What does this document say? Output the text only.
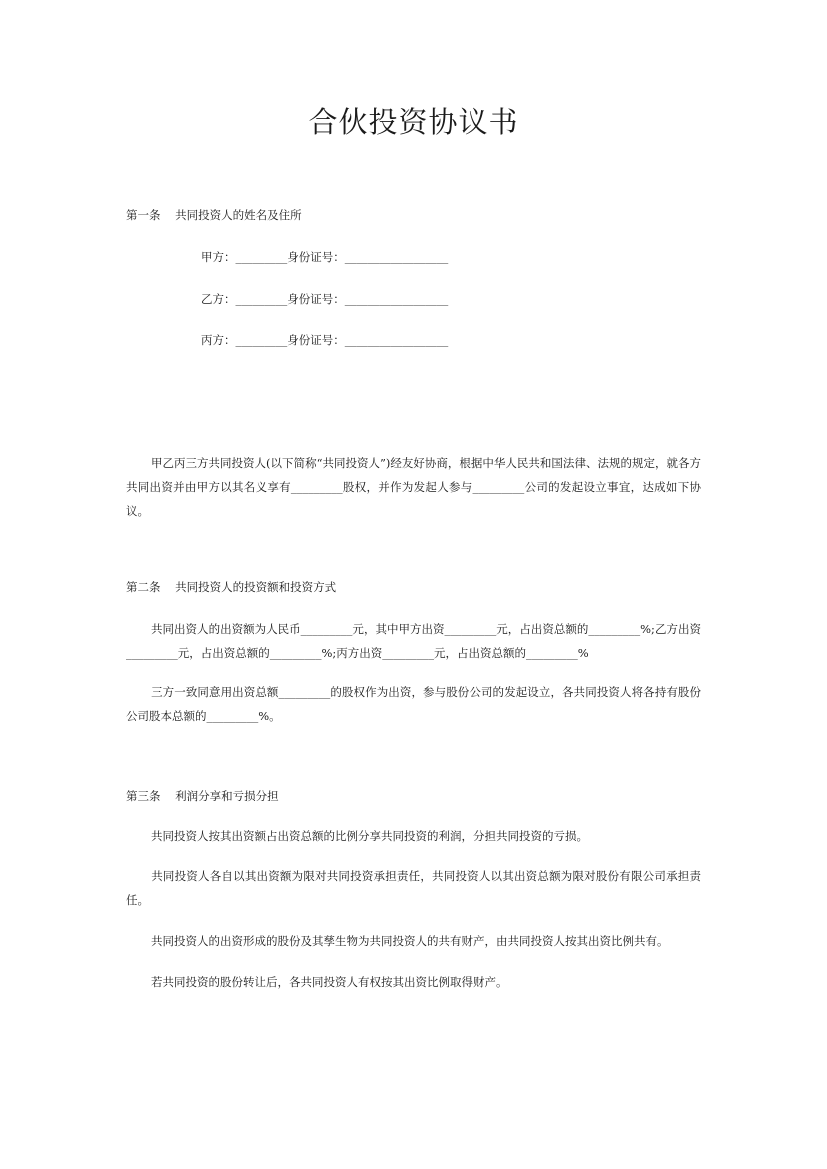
合伙投资协议书
第一条    共同投资人的姓名及住所
甲方：_________身份证号：__________________
乙方：_________身份证号：__________________
丙方：_________身份证号：__________________
甲乙丙三方共同投资人(以下简称“共同投资人”)经友好协商，根据中华人民共和国法律、法规的规定，就各方共同出资并由甲方以其名义享有_________股权，并作为发起人参与_________公司的发起设立事宜，达成如下协议。
第二条    共同投资人的投资额和投资方式
共同出资人的出资额为人民币_________元，其中甲方出资_________元，占出资总额的_________%;乙方出资_________元，占出资总额的_________%;丙方出资_________元，占出资总额的_________%
三方一致同意用出资总额_________的股权作为出资，参与股份公司的发起设立，各共同投资人将各持有股份公司股本总额的_________%。
第三条    利润分享和亏损分担
共同投资人按其出资额占出资总额的比例分享共同投资的利润，分担共同投资的亏损。
共同投资人各自以其出资额为限对共同投资承担责任，共同投资人以其出资总额为限对股份有限公司承担责任。
共同投资人的出资形成的股份及其孳生物为共同投资人的共有财产，由共同投资人按其出资比例共有。
若共同投资的股份转让后，各共同投资人有权按其出资比例取得财产。
